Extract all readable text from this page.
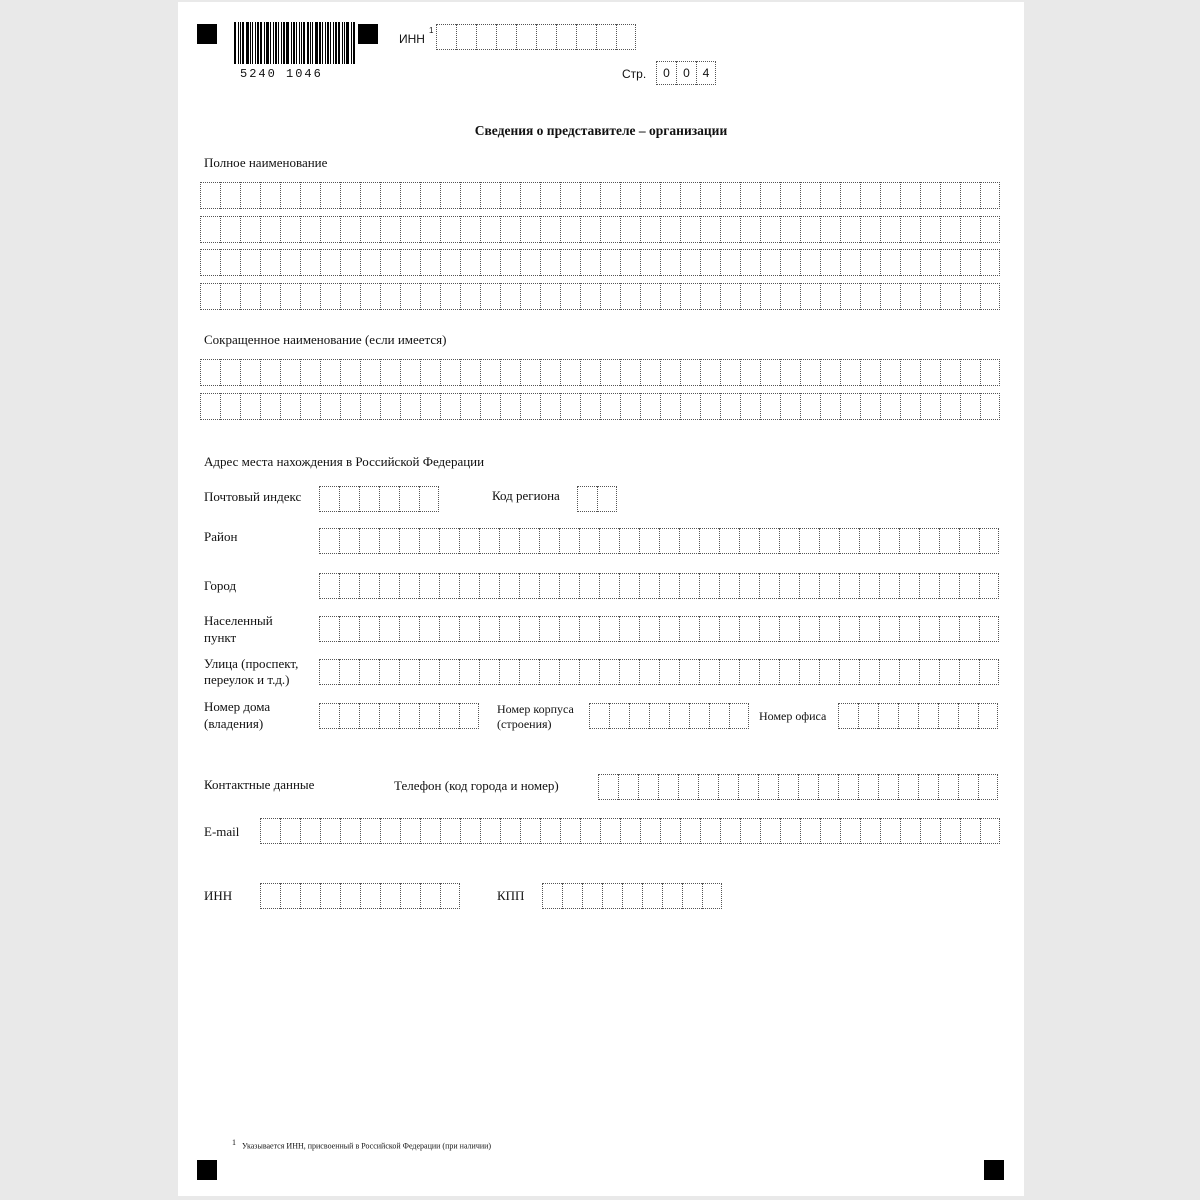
5240 1046
ИНН
1
Стр.	0	0	4
Сведения о представителе – организации
Полное наименование
Сокращенное наименование (если имеется)
Адрес места нахождения в Российской Федерации
Почтовый индекс	Код региона
Район
Город
Населенный
пункт
Улица (проспект,
переулок и т.д.)
Номер дома
(владения)
Номер корпуса
(строения)
Номер офиса
Контактные данные	Телефон (код города и номер)
E-mail
ИНН	КПП
$^1$ Указывается ИНН, присвоенный в Российской Федерации (при наличии)
